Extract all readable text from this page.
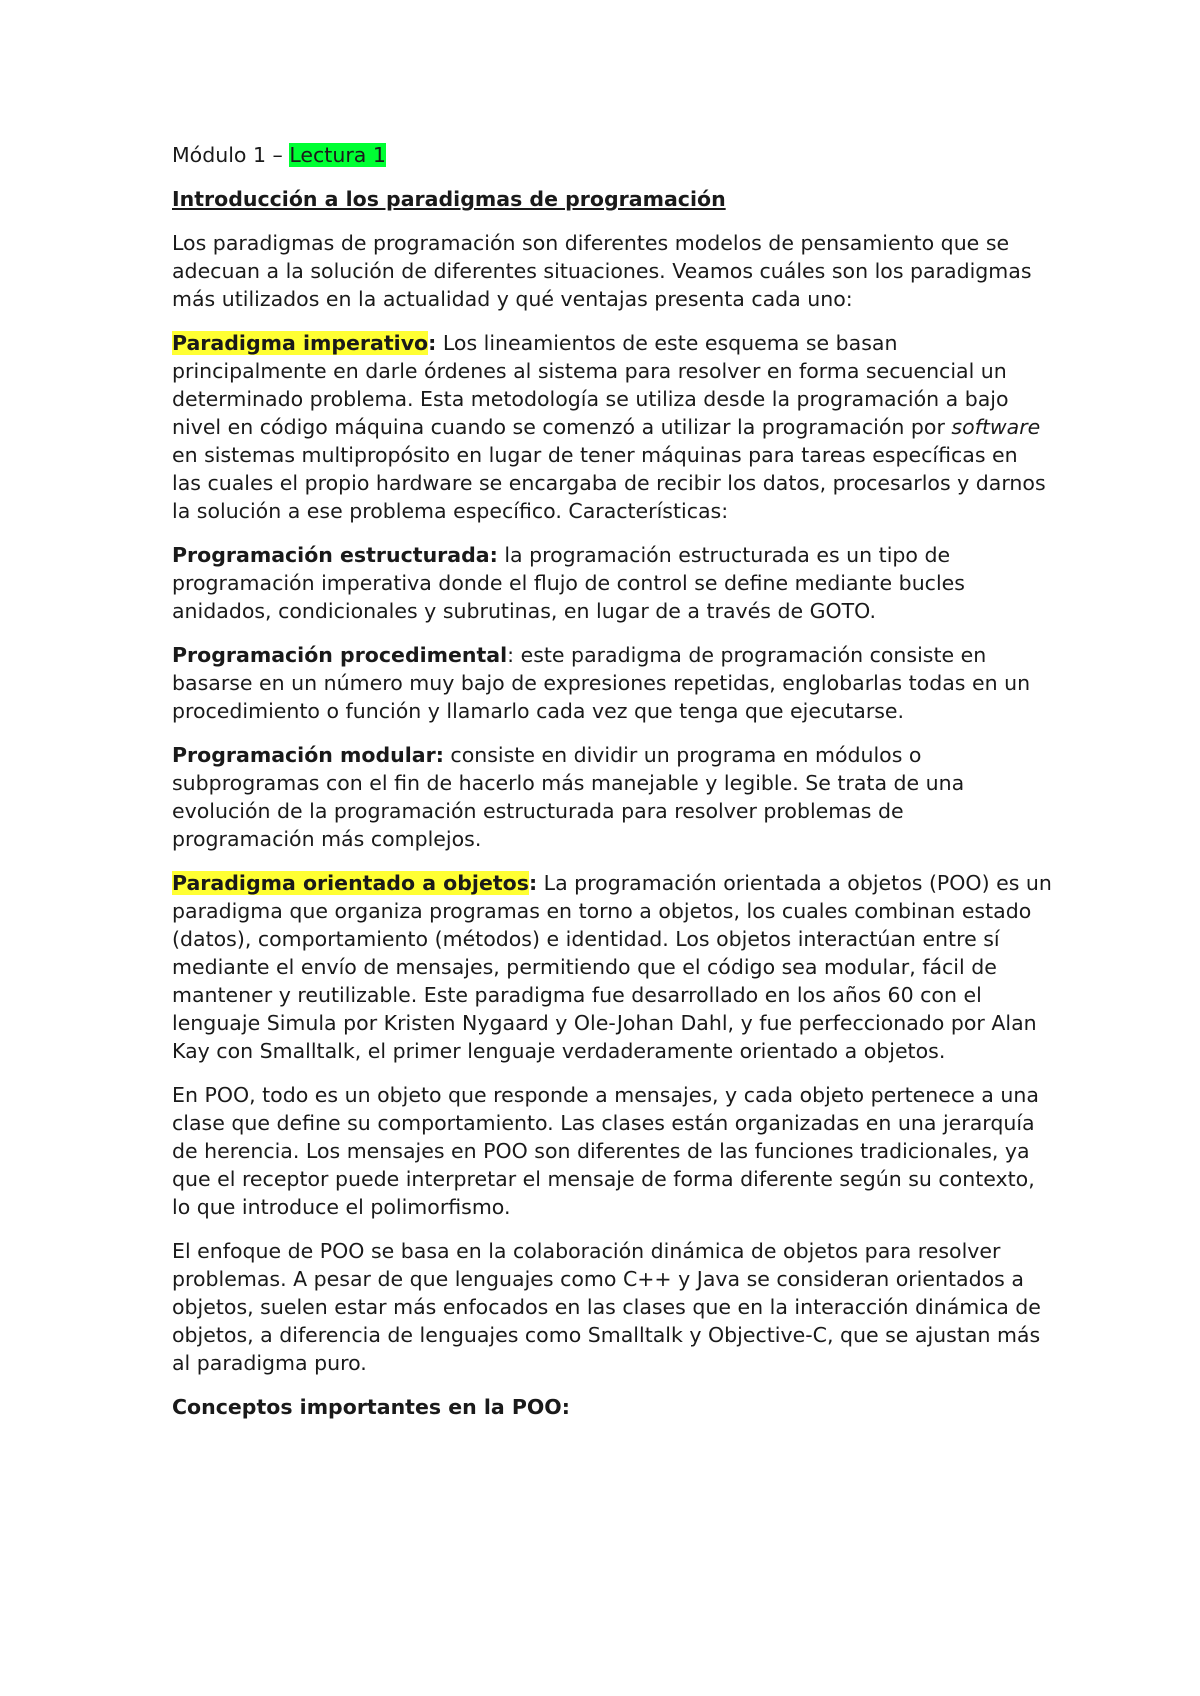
Módulo 1 – Lectura 1

Introducción a los paradigmas de programación

Los paradigmas de programación son diferentes modelos de pensamiento que se adecuan a la solución de diferentes situaciones. Veamos cuáles son los paradigmas más utilizados en la actualidad y qué ventajas presenta cada uno:

Paradigma imperativo: Los lineamientos de este esquema se basan principalmente en darle órdenes al sistema para resolver en forma secuencial un determinado problema. Esta metodología se utiliza desde la programación a bajo nivel en código máquina cuando se comenzó a utilizar la programación por software en sistemas multipropósito en lugar de tener máquinas para tareas específicas en las cuales el propio hardware se encargaba de recibir los datos, procesarlos y darnos la solución a ese problema específico. Características:

Programación estructurada: la programación estructurada es un tipo de programación imperativa donde el flujo de control se define mediante bucles anidados, condicionales y subrutinas, en lugar de a través de GOTO.

Programación procedimental: este paradigma de programación consiste en basarse en un número muy bajo de expresiones repetidas, englobarlas todas en un procedimiento o función y llamarlo cada vez que tenga que ejecutarse.

Programación modular: consiste en dividir un programa en módulos o subprogramas con el fin de hacerlo más manejable y legible. Se trata de una evolución de la programación estructurada para resolver problemas de programación más complejos.

Paradigma orientado a objetos: La programación orientada a objetos (POO) es un paradigma que organiza programas en torno a objetos, los cuales combinan estado (datos), comportamiento (métodos) e identidad. Los objetos interactúan entre sí mediante el envío de mensajes, permitiendo que el código sea modular, fácil de mantener y reutilizable. Este paradigma fue desarrollado en los años 60 con el lenguaje Simula por Kristen Nygaard y Ole-Johan Dahl, y fue perfeccionado por Alan Kay con Smalltalk, el primer lenguaje verdaderamente orientado a objetos.

En POO, todo es un objeto que responde a mensajes, y cada objeto pertenece a una clase que define su comportamiento. Las clases están organizadas en una jerarquía de herencia. Los mensajes en POO son diferentes de las funciones tradicionales, ya que el receptor puede interpretar el mensaje de forma diferente según su contexto, lo que introduce el polimorfismo.

El enfoque de POO se basa en la colaboración dinámica de objetos para resolver problemas. A pesar de que lenguajes como C++ y Java se consideran orientados a objetos, suelen estar más enfocados en las clases que en la interacción dinámica de objetos, a diferencia de lenguajes como Smalltalk y Objective-C, que se ajustan más al paradigma puro.

Conceptos importantes en la POO:
